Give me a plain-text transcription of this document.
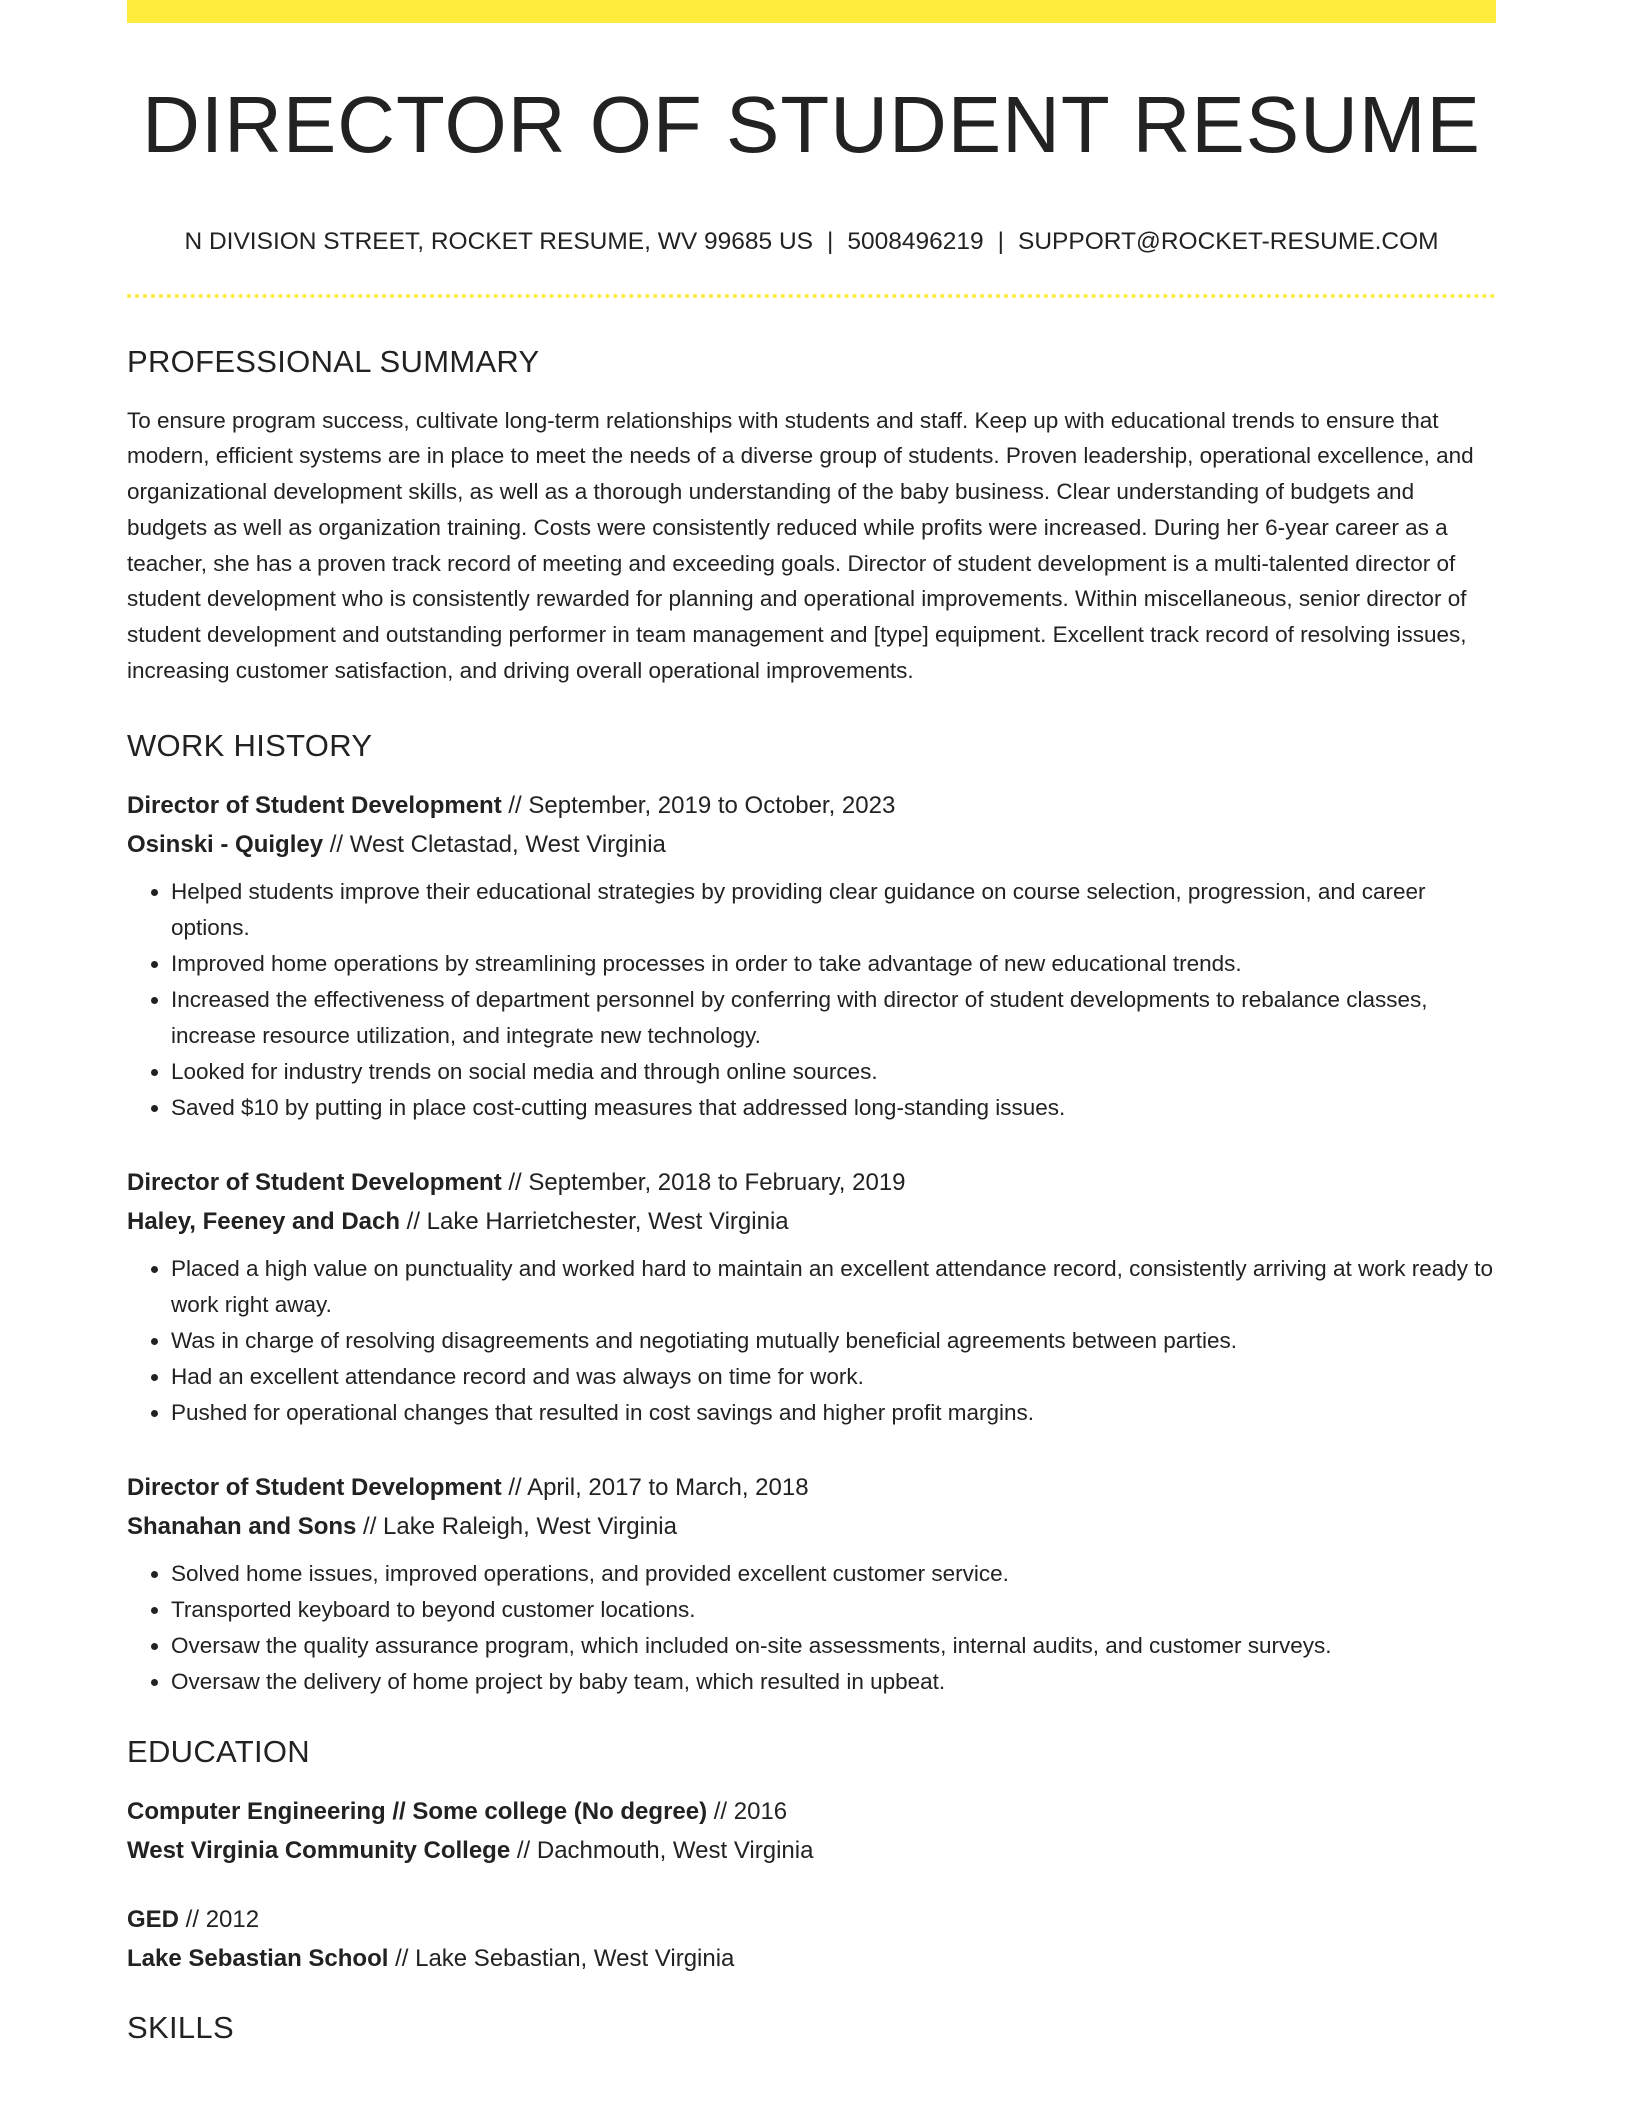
DIRECTOR OF STUDENT RESUME
N DIVISION STREET, ROCKET RESUME, WV 99685 US | 5008496219 | SUPPORT@ROCKET-RESUME.COM
PROFESSIONAL SUMMARY

To ensure program success, cultivate long-term relationships with students and staff. Keep up with educational trends to ensure that modern, efficient systems are in place to meet the needs of a diverse group of students. Proven leadership, operational excellence, and organizational development skills, as well as a thorough understanding of the baby business. Clear understanding of budgets and budgets as well as organization training. Costs were consistently reduced while profits were increased. During her 6-year career as a teacher, she has a proven track record of meeting and exceeding goals. Director of student development is a multi-talented director of student development who is consistently rewarded for planning and operational improvements. Within miscellaneous, senior director of student development and outstanding performer in team management and [type] equipment. Excellent track record of resolving issues, increasing customer satisfaction, and driving overall operational improvements.

WORK HISTORY
Director of Student Development // September, 2019 to October, 2023
Osinski - Quigley // West Cletastad, West Virginia
• Helped students improve their educational strategies by providing clear guidance on course selection, progression, and career options.
• Improved home operations by streamlining processes in order to take advantage of new educational trends.
• Increased the effectiveness of department personnel by conferring with director of student developments to rebalance classes, increase resource utilization, and integrate new technology.
• Looked for industry trends on social media and through online sources.
• Saved $10 by putting in place cost-cutting measures that addressed long-standing issues.
Director of Student Development // September, 2018 to February, 2019
Haley, Feeney and Dach // Lake Harrietchester, West Virginia
• Placed a high value on punctuality and worked hard to maintain an excellent attendance record, consistently arriving at work ready to work right away.
• Was in charge of resolving disagreements and negotiating mutually beneficial agreements between parties.
• Had an excellent attendance record and was always on time for work.
• Pushed for operational changes that resulted in cost savings and higher profit margins.
Director of Student Development // April, 2017 to March, 2018
Shanahan and Sons // Lake Raleigh, West Virginia
• Solved home issues, improved operations, and provided excellent customer service.
• Transported keyboard to beyond customer locations.
• Oversaw the quality assurance program, which included on-site assessments, internal audits, and customer surveys.
• Oversaw the delivery of home project by baby team, which resulted in upbeat.
EDUCATION
Computer Engineering // Some college (No degree) // 2016
West Virginia Community College // Dachmouth, West Virginia
GED // 2012
Lake Sebastian School // Lake Sebastian, West Virginia
SKILLS
